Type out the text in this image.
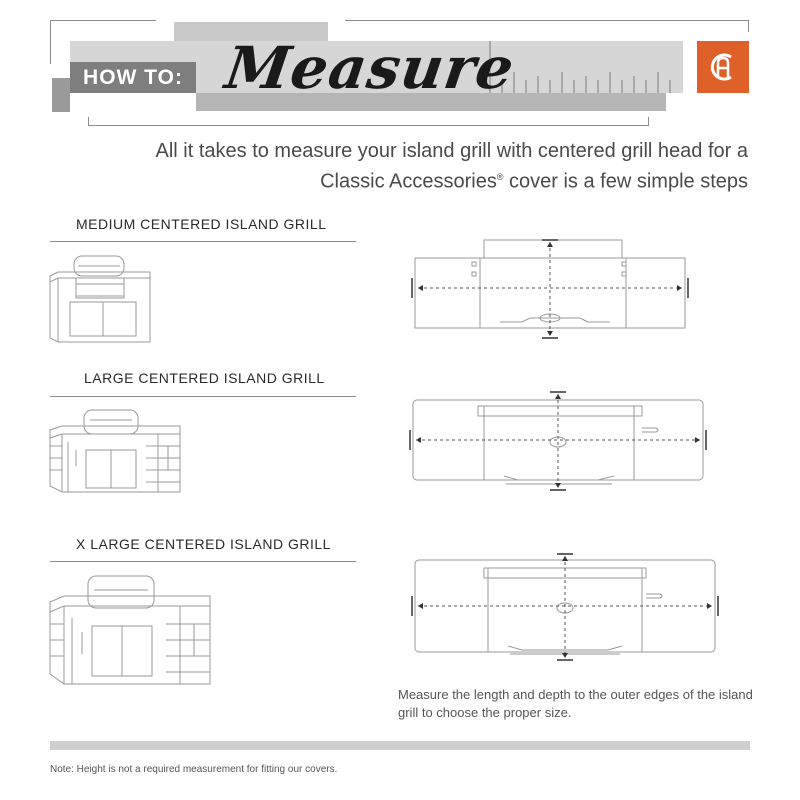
HOW TO: Measure
All it takes to measure your island grill with centered grill head for a
Classic Accessories® cover is a few simple steps
MEDIUM CENTERED ISLAND GRILL
LARGE CENTERED ISLAND GRILL
X LARGE CENTERED ISLAND GRILL
Measure the length and depth to the outer edges of the island grill to choose the proper size.
Note: Height is not a required measurement for fitting our covers.
